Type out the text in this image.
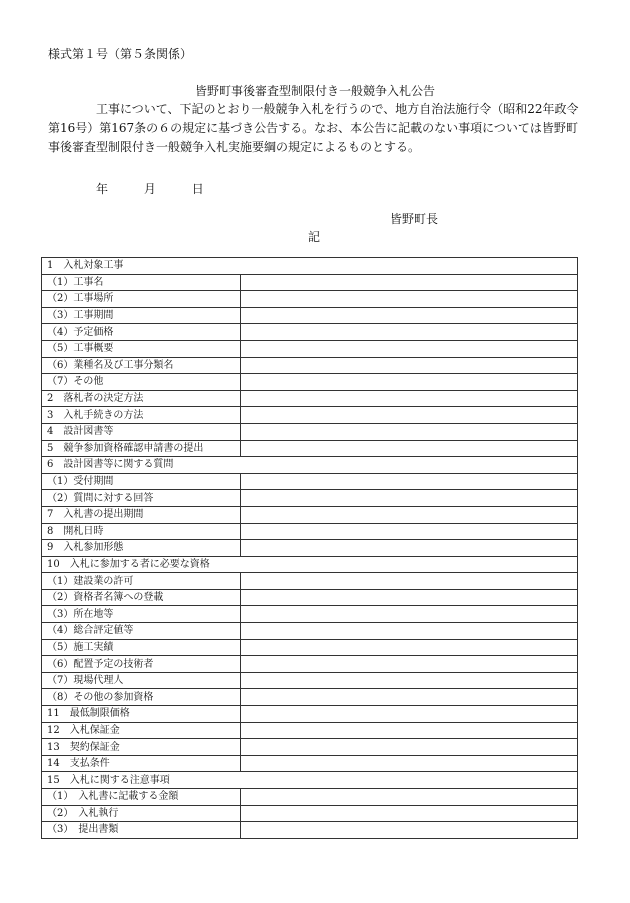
様式第１号（第５条関係）
皆野町事後審査型制限付き一般競争入札公告
工事について、下記のとおり一般競争入札を行うので、地方自治法施行令（昭和22年政令第16号）第167条の６の規定に基づき公告する。なお、本公告に記載のない事項については皆野町事後審査型制限付き一般競争入札実施要綱の規定によるものとする。
年	月	日
皆野町長
記
1　入札対象工事	
（1）工事名	
（2）工事場所	
（3）工事期間	
（4）予定価格	
（5）工事概要	
（6）業種名及び工事分類名	
（7）その他	
2　落札者の決定方法	
3　入札手続きの方法	
4　設計図書等	
5　競争参加資格確認申請書の提出	
6　設計図書等に関する質問	
（1）受付期間	
（2）質問に対する回答	
7　入札書の提出期間	
8　開札日時	
9　入札参加形態	
10　入札に参加する者に必要な資格	
（1）建設業の許可	
（2）資格者名簿への登載	
（3）所在地等	
（4）総合評定値等	
（5）施工実績	
（6）配置予定の技術者	
（7）現場代理人	
（8）その他の参加資格	
11　最低制限価格	
12　入札保証金	
13　契約保証金	
14　支払条件	
15　入札に関する注意事項	
（1）　入札書に記載する金額	
（2）　入札執行	
（3）　提出書類	
